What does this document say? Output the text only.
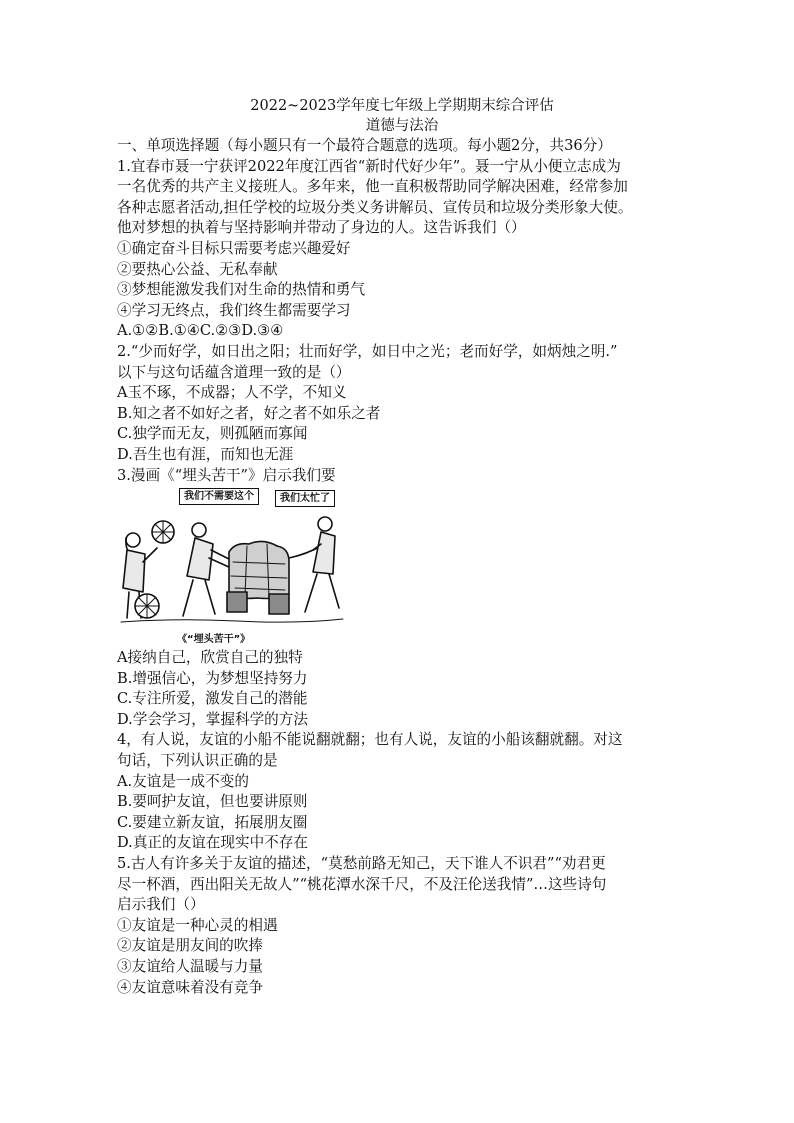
2022~2023学年度七年级上学期期末综合评估

道德与法治

一、单项选择题（每小题只有一个最符合题意的选项。每小题2分，共36分）

1.宜春市聂一宁获评2022年度江西省“新时代好少年”。聂一宁从小便立志成为

一名优秀的共产主义接班人。多年来，他一直积极帮助同学解决困难，经常参加

各种志愿者活动,担任学校的垃圾分类义务讲解员、宣传员和垃圾分类形象大使。

他对梦想的执着与坚持影响并带动了身边的人。这告诉我们（）

①确定奋斗目标只需要考虑兴趣爱好

②要热心公益、无私奉献

③梦想能激发我们对生命的热情和勇气

④学习无终点，我们终生都需要学习

A.①②B.①④C.②③D.③④

2.“少而好学，如日出之阳；壮而好学，如日中之光；老而好学，如炳烛之明.”

以下与这句话蕴含道理一致的是（）

A玉不琢，不成器；人不学，不知义

B.知之者不如好之者，好之者不如乐之者

C.独学而无友，则孤陋而寡闻

D.吾生也有涯，而知也无涯

3.漫画《“埋头苦干”》启示我们要

我们不需要这个	我们太忙了
《“埋头苦干”》

A接纳自己，欣赏自己的独特

B.增强信心，为梦想坚持努力

C.专注所爱，激发自己的潜能

D.学会学习，掌握科学的方法

4，有人说，友谊的小船不能说翻就翻；也有人说，友谊的小船该翻就翻。对这

句话，下列认识正确的是

A.友谊是一成不变的

B.要呵护友谊，但也要讲原则

C.要建立新友谊，拓展朋友圈

D.真正的友谊在现实中不存在

5.古人有许多关于友谊的描述，“莫愁前路无知己，天下谁人不识君”“劝君更

尽一杯酒，西出阳关无故人”“桃花潭水深千尺，不及汪伦送我情”…这些诗句

启示我们（）

①友谊是一种心灵的相遇

②友谊是朋友间的吹捧

③友谊给人温暖与力量

④友谊意味着没有竞争
